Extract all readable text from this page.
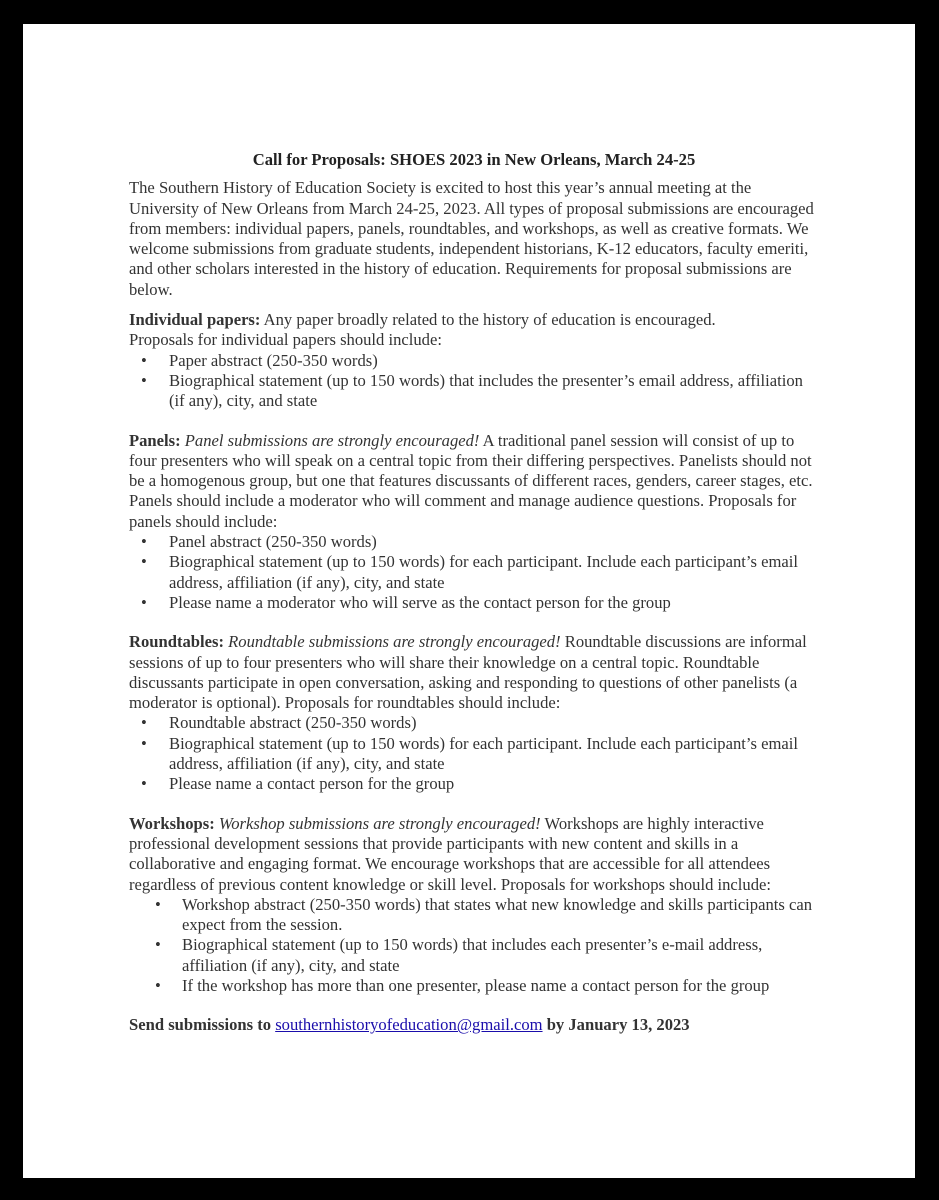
Call for Proposals: SHOES 2023 in New Orleans, March 24-25

The Southern History of Education Society is excited to host this year’s annual meeting at the University of New Orleans from March 24-25, 2023. All types of proposal submissions are encouraged from members: individual papers, panels, roundtables, and workshops, as well as creative formats. We welcome submissions from graduate students, independent historians, K-12 educators, faculty emeriti, and other scholars interested in the history of education. Requirements for proposal submissions are below.

Individual papers: Any paper broadly related to the history of education is encouraged.

Proposals for individual papers should include:

• Paper abstract (250-350 words)
• Biographical statement (up to 150 words) that includes the presenter’s email address, affiliation (if any), city, and state

Panels: Panel submissions are strongly encouraged! A traditional panel session will consist of up to four presenters who will speak on a central topic from their differing perspectives. Panelists should not be a homogenous group, but one that features discussants of different races, genders, career stages, etc. Panels should include a moderator who will comment and manage audience questions. Proposals for panels should include:

• Panel abstract (250-350 words)
• Biographical statement (up to 150 words) for each participant. Include each participant’s email address, affiliation (if any), city, and state
• Please name a moderator who will serve as the contact person for the group

Roundtables: Roundtable submissions are strongly encouraged! Roundtable discussions are informal sessions of up to four presenters who will share their knowledge on a central topic. Roundtable discussants participate in open conversation, asking and responding to questions of other panelists (a moderator is optional). Proposals for roundtables should include:

• Roundtable abstract (250-350 words)
• Biographical statement (up to 150 words) for each participant. Include each participant’s email address, affiliation (if any), city, and state
• Please name a contact person for the group

Workshops: Workshop submissions are strongly encouraged! Workshops are highly interactive professional development sessions that provide participants with new content and skills in a collaborative and engaging format. We encourage workshops that are accessible for all attendees regardless of previous content knowledge or skill level. Proposals for workshops should include:

• Workshop abstract (250-350 words) that states what new knowledge and skills participants can expect from the session.
• Biographical statement (up to 150 words) that includes each presenter’s e-mail address, affiliation (if any), city, and state
• If the workshop has more than one presenter, please name a contact person for the group

Send submissions to southernhistoryofeducation@gmail.com by January 13, 2023
